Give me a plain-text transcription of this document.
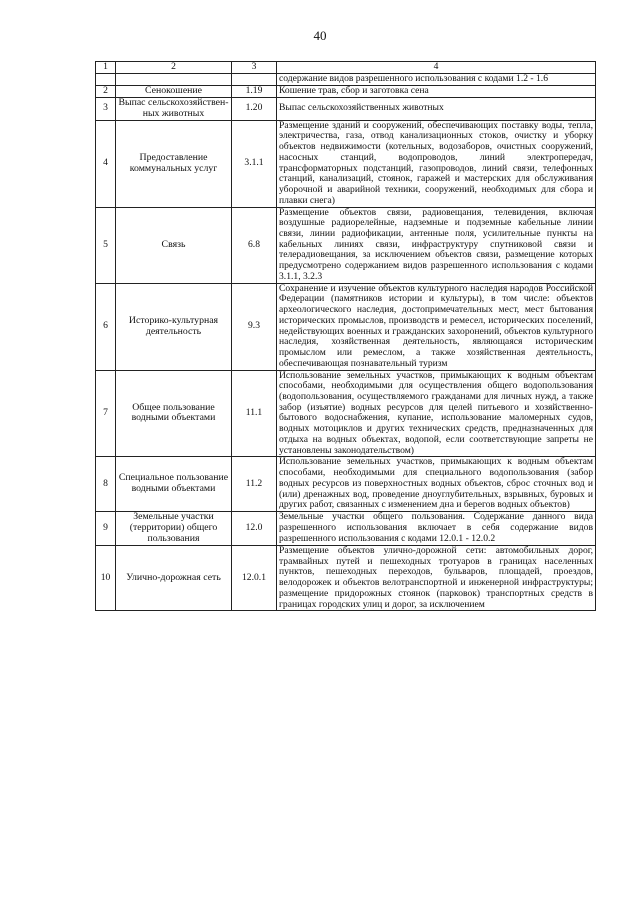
40
1	2	3	4
			содержание видов разрешенного использования с кодами 1.2 - 1.6
2	Сенокошение	1.19	Кошение трав, сбор и заготовка сена
3	Выпас сельскохозяйствен-ных животных	1.20	Выпас сельскохозяйственных животных
4	Предоставление коммунальных услуг	3.1.1	Размещение зданий и сооружений, обеспечивающих поставку воды, тепла, электричества, газа, отвод канализационных стоков, очистку и уборку объектов недвижимости (котельных, водозаборов, очистных сооружений, насосных станций, водопроводов, линий электропередач, трансформаторных подстанций, газопроводов, линий связи, телефонных станций, канализаций, стоянок, гаражей и мастерских для обслуживания уборочной и аварийной техники, сооружений, необходимых для сбора и плавки снега)
5	Связь	6.8	Размещение объектов связи, радиовещания, телевидения, включая воздушные радиорелейные, надземные и подземные кабельные линии связи, линии радиофикации, антенные поля, усилительные пункты на кабельных линиях связи, инфраструктуру спутниковой связи и телерадиовещания, за исключением объектов связи, размещение которых предусмотрено содержанием видов разрешенного использования с кодами 3.1.1, 3.2.3
6	Историко-культурная деятельность	9.3	Сохранение и изучение объектов культурного наследия народов Российской Федерации (памятников истории и культуры), в том числе: объектов археологического наследия, достопримечательных мест, мест бытования исторических промыслов, производств и ремесел, исторических поселений, недействующих военных и гражданских захоронений, объектов культурного наследия, хозяйственная деятельность, являющаяся историческим промыслом или ремеслом, а также хозяйственная деятельность, обеспечивающая познавательный туризм
7	Общее пользование водными объектами	11.1	Использование земельных участков, примыкающих к водным объектам способами, необходимыми для осуществления общего водопользования (водопользования, осуществляемого гражданами для личных нужд, а также забор (изъятие) водных ресурсов для целей питьевого и хозяйственно-бытового водоснабжения, купание, использование маломерных судов, водных мотоциклов и других технических средств, предназначенных для отдыха на водных объектах, водопой, если соответствующие запреты не установлены законодательством)
8	Специальное пользование водными объектами	11.2	Использование земельных участков, примыкающих к водным объектам способами, необходимыми для специального водопользования (забор водных ресурсов из поверхностных водных объектов, сброс сточных вод и (или) дренажных вод, проведение дноуглубительных, взрывных, буровых и других работ, связанных с изменением дна и берегов водных объектов)
9	Земельные участки (территории) общего пользования	12.0	Земельные участки общего пользования. Содержание данного вида разрешенного использования включает в себя содержание видов разрешенного использования с кодами 12.0.1 - 12.0.2
10	Улично-дорожная сеть	12.0.1	Размещение объектов улично-дорожной сети: автомобильных дорог, трамвайных путей и пешеходных тротуаров в границах населенных пунктов, пешеходных переходов, бульваров, площадей, проездов, велодорожек и объектов велотранспортной и инженерной инфраструктуры; размещение придорожных стоянок (парковок) транспортных средств в границах городских улиц и дорог, за исключением
